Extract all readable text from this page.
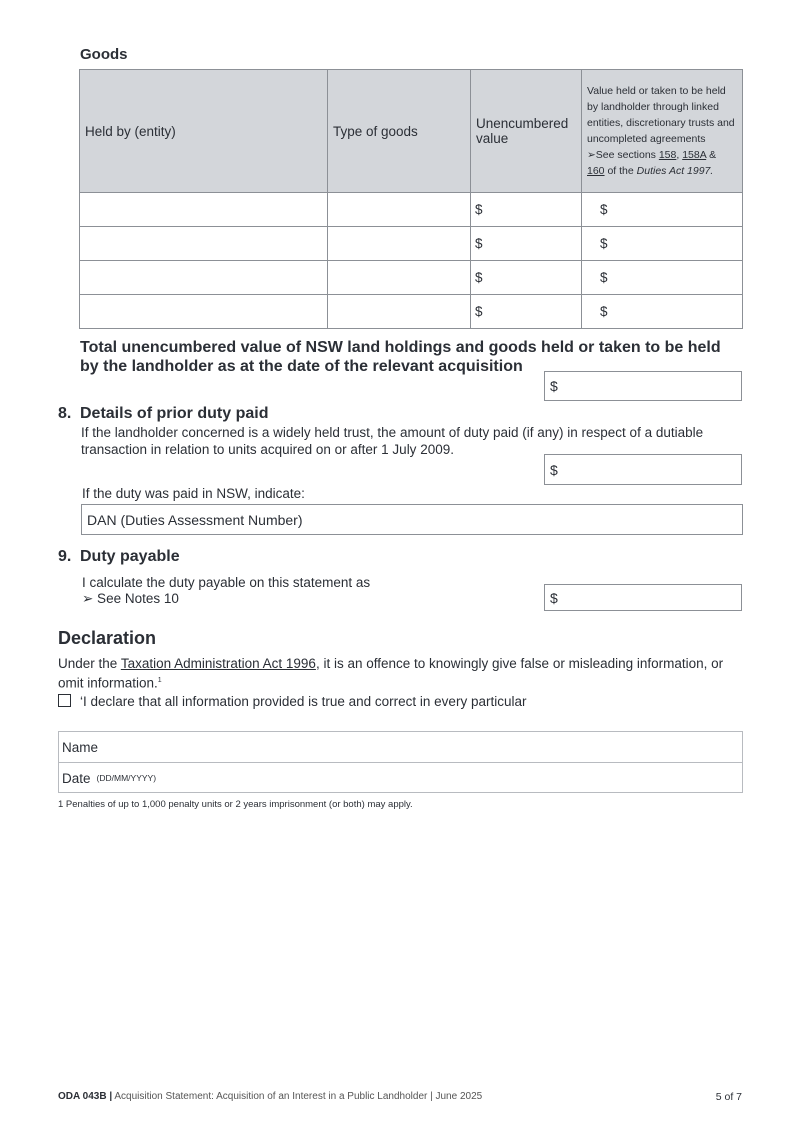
Goods
Held by (entity)	Type of goods	Unencumbered value	Value held or taken to be held by landholder through linked entities, discretionary trusts and uncompleted agreements
➢See sections 158, 158A &
160 of the Duties Act 1997.
		$	$
		$	$
		$	$
		$	$
Total unencumbered value of NSW land holdings and goods held or taken to be held by the landholder as at the date of the relevant acquisition
$
8. Details of prior duty paid
If the landholder concerned is a widely held trust, the amount of duty paid (if any) in respect of a dutiable transaction in relation to units acquired on or after 1 July 2009.
$
If the duty was paid in NSW, indicate:
DAN (Duties Assessment Number)
9. Duty payable
I calculate the duty payable on this statement as
➢ See Notes 10	$
Declaration
Under the Taxation Administration Act 1996, it is an offence to knowingly give false or misleading information, or omit information.$^1$
‘I declare that all information provided is true and correct in every particular
Name
Date (DD/MM/YYYY)
1 Penalties of up to 1,000 penalty units or 2 years imprisonment (or both) may apply.
ODA 043B | Acquisition Statement: Acquisition of an Interest in a Public Landholder | June 2025	5 of 7
